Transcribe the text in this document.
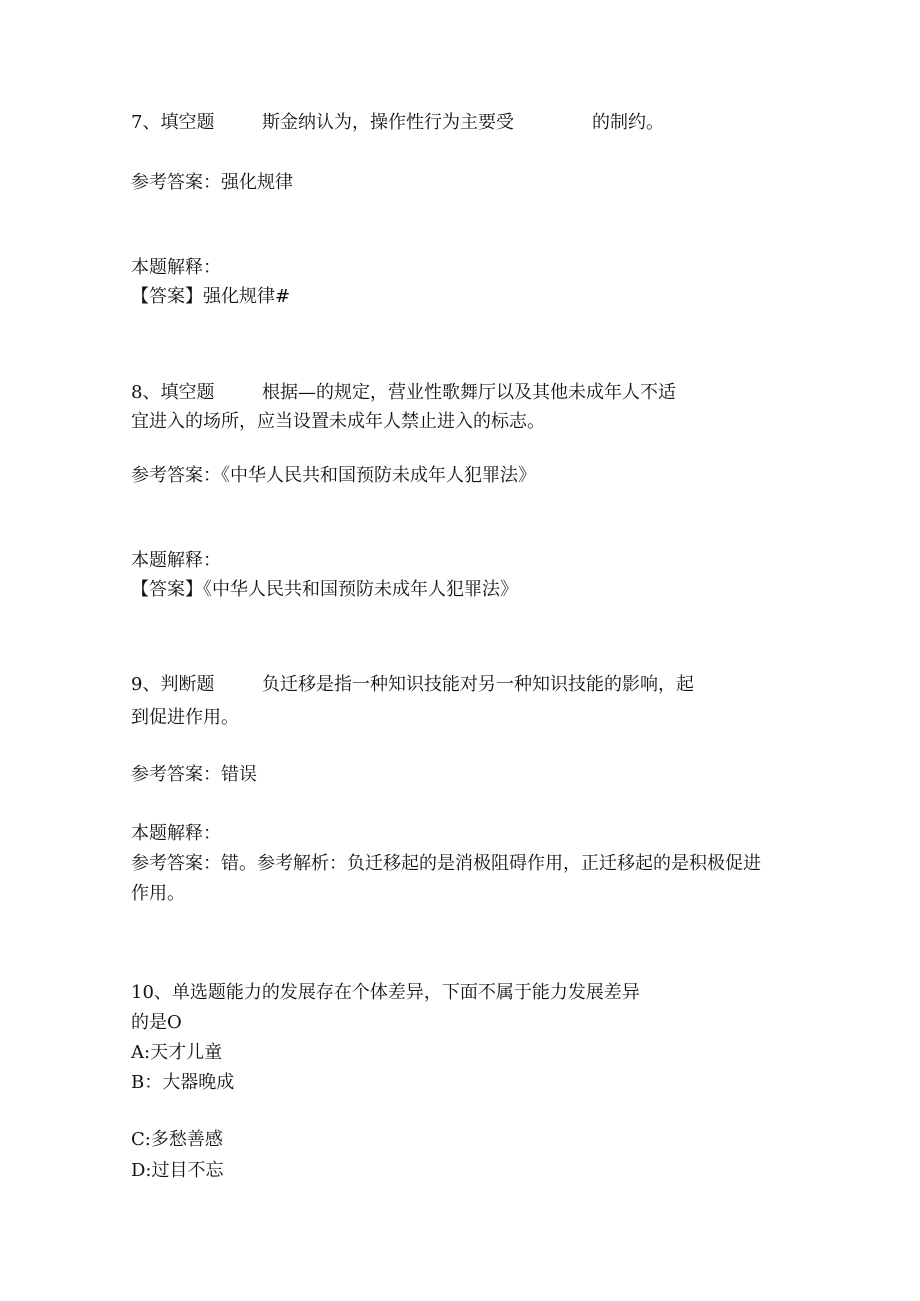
7、填空题	斯金纳认为，操作性行为主要受	的制约。
参考答案：强化规律
本题解释：
【答案】强化规律#
8、填空题	根据—的规定，营业性歌舞厅以及其他未成年人不适
宜进入的场所，应当设置未成年人禁止进入的标志。
参考答案：《中华人民共和国预防未成年人犯罪法》
本题解释：
【答案】《中华人民共和国预防未成年人犯罪法》
9、判断题	负迁移是指一种知识技能对另一种知识技能的影响，起
到促进作用。
参考答案：错误
本题解释：
参考答案：错。参考解析：负迁移起的是消极阻碍作用，正迁移起的是积极促进
作用。
10、单选题能力的发展存在个体差异，下面不属于能力发展差异
的是O
A:天才儿童
B：大器晚成
C:多愁善感
D:过目不忘
